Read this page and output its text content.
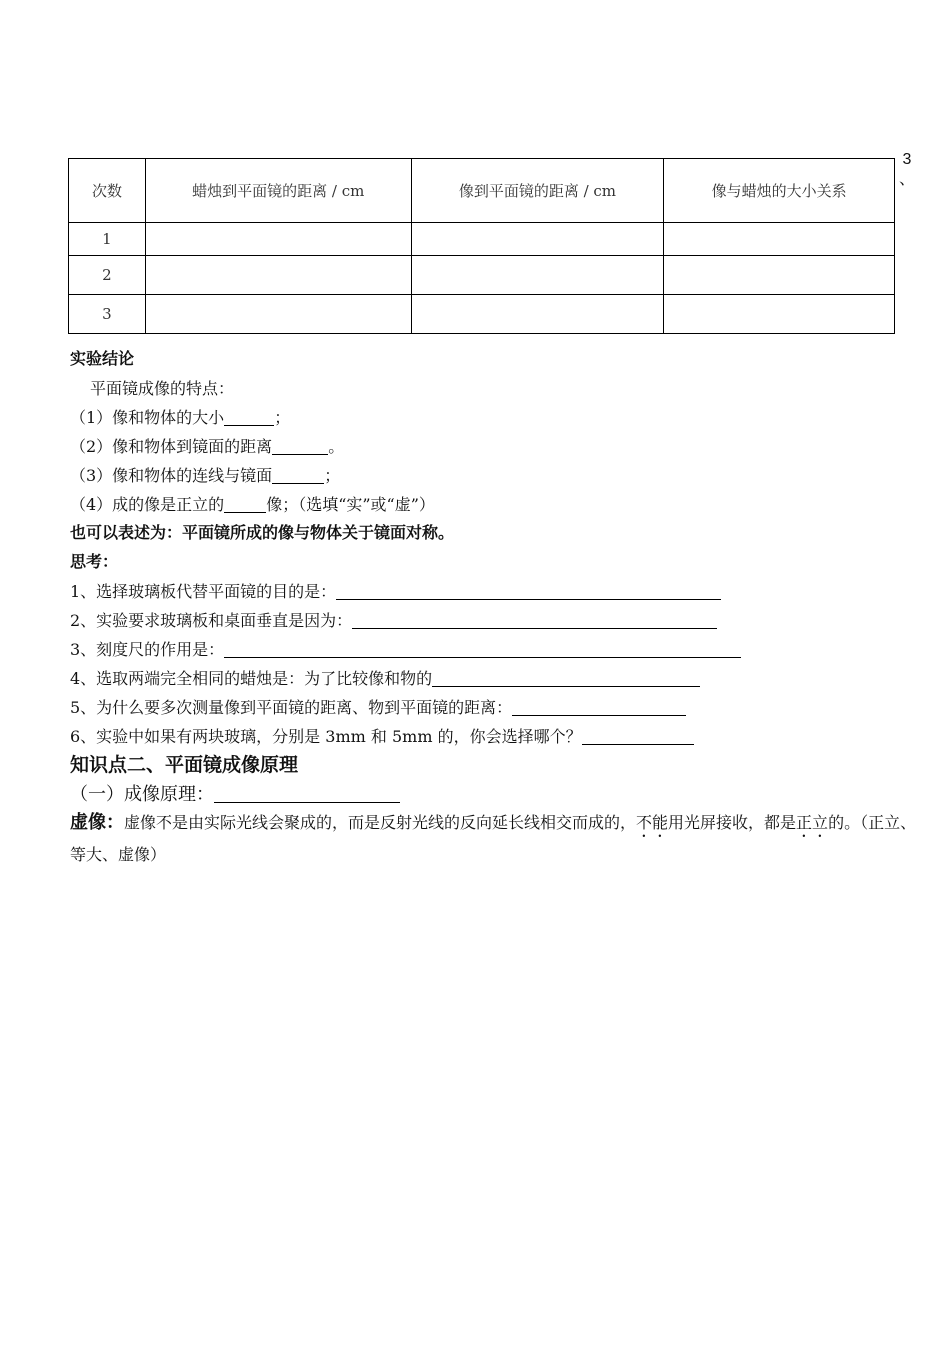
3
、
次数	蜡烛到平面镜的距离 / cm	像到平面镜的距离 / cm	像与蜡烛的大小关系
1			
2			
3			
实验结论
平面镜成像的特点：
（1）像和物体的大小	；
（2）像和物体到镜面的距离	。
（3）像和物体的连线与镜面	；
（4）成的像是正立的	像；（选填“实”或“虚”）
也可以表述为：平面镜所成的像与物体关于镜面对称。
思考：
1、选择玻璃板代替平面镜的目的是：
2、实验要求玻璃板和桌面垂直是因为：
3、刻度尺的作用是：
4、选取两端完全相同的蜡烛是：为了比较像和物的
5、为什么要多次测量像到平面镜的距离、物到平面镜的距离：
6、实验中如果有两块玻璃，分别是 3mm 和 5mm 的，你会选择哪个？
知识点二、平面镜成像原理
（一）成像原理：
虚像：虚像不是由实际光线会聚成的，而是反射光线的反向延长线相交而成的，不能用光屏接收，都是正立的。（正立、等大、虚像）
